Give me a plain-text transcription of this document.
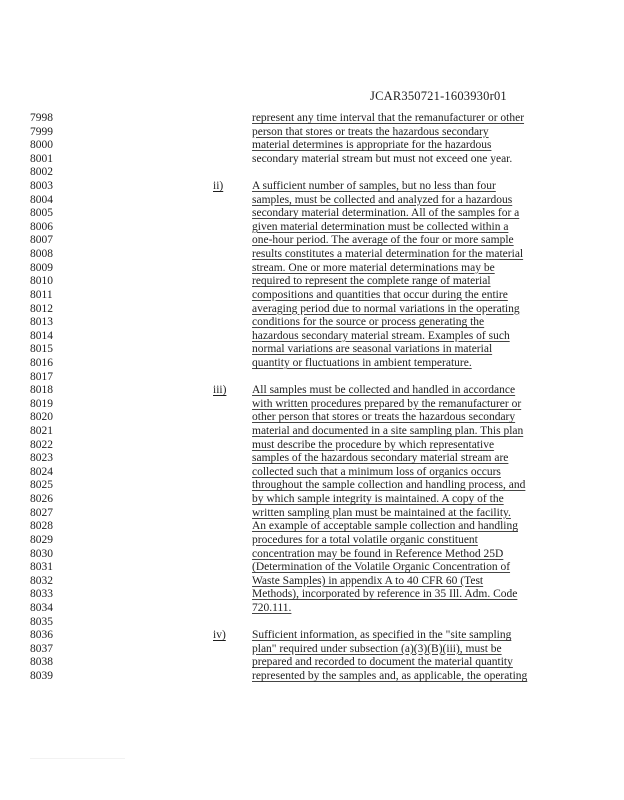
JCAR350721-1603930r01
7998
7999
8000
8001
8002
8003
8004
8005
8006
8007
8008
8009
8010
8011
8012
8013
8014
8015
8016
8017
8018
8019
8020
8021
8022
8023
8024
8025
8026
8027
8028
8029
8030
8031
8032
8033
8034
8035
8036
8037
8038
8039
ii)
iii)
iv)
represent any time interval that the remanufacturer or other
person that stores or treats the hazardous secondary
material determines is appropriate for the hazardous
secondary material stream but must not exceed one year.
A sufficient number of samples, but no less than four
samples, must be collected and analyzed for a hazardous
secondary material determination. All of the samples for a
given material determination must be collected within a
one-hour period. The average of the four or more sample
results constitutes a material determination for the material
stream. One or more material determinations may be
required to represent the complete range of material
compositions and quantities that occur during the entire
averaging period due to normal variations in the operating
conditions for the source or process generating the
hazardous secondary material stream. Examples of such
normal variations are seasonal variations in material
quantity or fluctuations in ambient temperature.
All samples must be collected and handled in accordance
with written procedures prepared by the remanufacturer or
other person that stores or treats the hazardous secondary
material and documented in a site sampling plan. This plan
must describe the procedure by which representative
samples of the hazardous secondary material stream are
collected such that a minimum loss of organics occurs
throughout the sample collection and handling process, and
by which sample integrity is maintained. A copy of the
written sampling plan must be maintained at the facility.
An example of acceptable sample collection and handling
procedures for a total volatile organic constituent
concentration may be found in Reference Method 25D
(Determination of the Volatile Organic Concentration of
Waste Samples) in appendix A to 40 CFR 60 (Test
Methods), incorporated by reference in 35 Ill. Adm. Code
720.111.
Sufficient information, as specified in the "site sampling
plan" required under subsection (a)(3)(B)(iii), must be
prepared and recorded to document the material quantity
represented by the samples and, as applicable, the operating
